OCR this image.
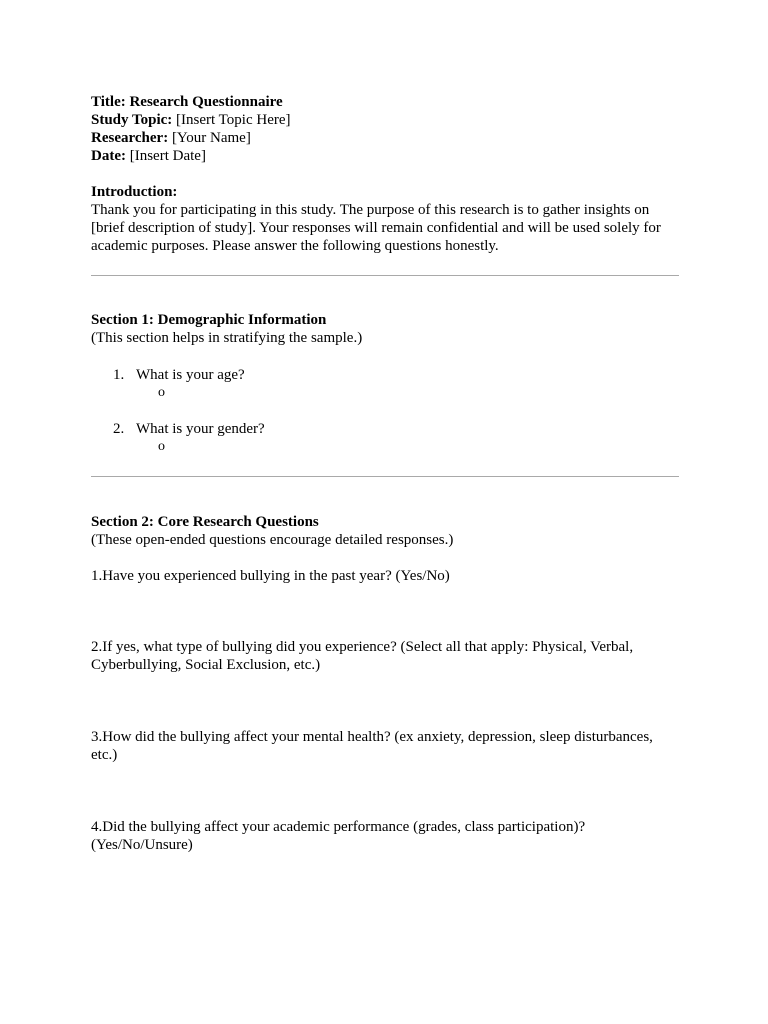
Title: Research Questionnaire
Study Topic: [Insert Topic Here]
Researcher: [Your Name]
Date: [Insert Date]
Introduction:
Thank you for participating in this study. The purpose of this research is to gather insights on [brief description of study]. Your responses will remain confidential and will be used solely for academic purposes. Please answer the following questions honestly.
Section 1: Demographic Information
(This section helps in stratifying the sample.)
1. What is your age?
o
2. What is your gender?
o
Section 2: Core Research Questions
(These open-ended questions encourage detailed responses.)
1.Have you experienced bullying in the past year? (Yes/No)
2.If yes, what type of bullying did you experience? (Select all that apply: Physical, Verbal, Cyberbullying, Social Exclusion, etc.)
3.How did the bullying affect your mental health? (ex anxiety, depression, sleep disturbances, etc.)
4.Did the bullying affect your academic performance (grades, class participation)? (Yes/No/Unsure)
